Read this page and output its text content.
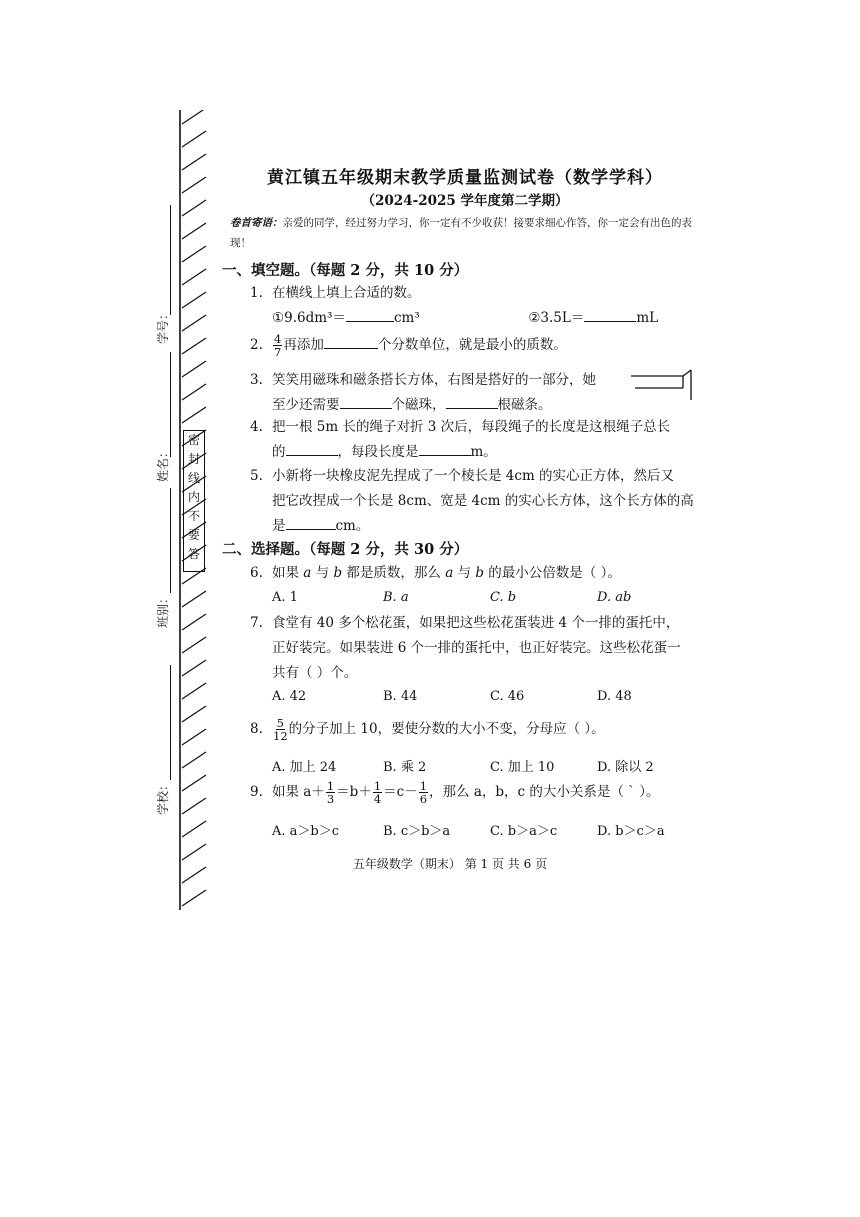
学号：
姓名：
班别：
学校：
密
封
线
内
不
要
答
黄江镇五年级期末教学质量监测试卷（数学学科）
（2024-2025 学年度第二学期）
卷首寄语：亲爱的同学，经过努力学习，你一定有不少收获！接要求细心作答，你一定会有出色的表现！
一、填空题。（每题 2 分，共 10 分）
1. 在横线上填上合适的数。
①9.6dm³＝	cm³	②3.5L＝	mL
2. $\frac{4}{7}$ 再添加	个分数单位，就是最小的质数。
3. 笑笑用磁珠和磁条搭长方体，右图是搭好的一部分，她
至少还需要	个磁珠，	根磁条。
4. 把一根 5m 长的绳子对折 3 次后，每段绳子的长度是这根绳子总长
的	，每段长度是	m。
5. 小新将一块橡皮泥先捏成了一个棱长是 4cm 的实心正方体，然后又
把它改捏成一个长是 8cm、宽是 4cm 的实心长方体，这个长方体的高
是	cm。
二、选择题。（每题 2 分，共 30 分）
6. 如果 a 与 b 都是质数，那么 a 与 b 的最小公倍数是（ ）。
A. 1	B. a	C. b	D. ab
7. 食堂有 40 多个松花蛋，如果把这些松花蛋装进 4 个一排的蛋托中，
正好装完。如果装进 6 个一排的蛋托中，也正好装完。这些松花蛋一
共有（ ）个。
A. 42	B. 44	C. 46	D. 48
8. $\frac{5}{12}$ 的分子加上 10，要使分数的大小不变，分母应（ ）。
A. 加上 24	B. 乘 2	C. 加上 10	D. 除以 2
9. 如果 $a+ \frac{1}{3} =b+ \frac{1}{4} =c- \frac{1}{6}$ ，那么 a，b，c 的大小关系是（ ` ）。
A. a＞b＞c	B. c＞b＞a	C. b＞a＞c	D. b＞c＞a
五年级数学（期末） 第 1 页 共 6 页
